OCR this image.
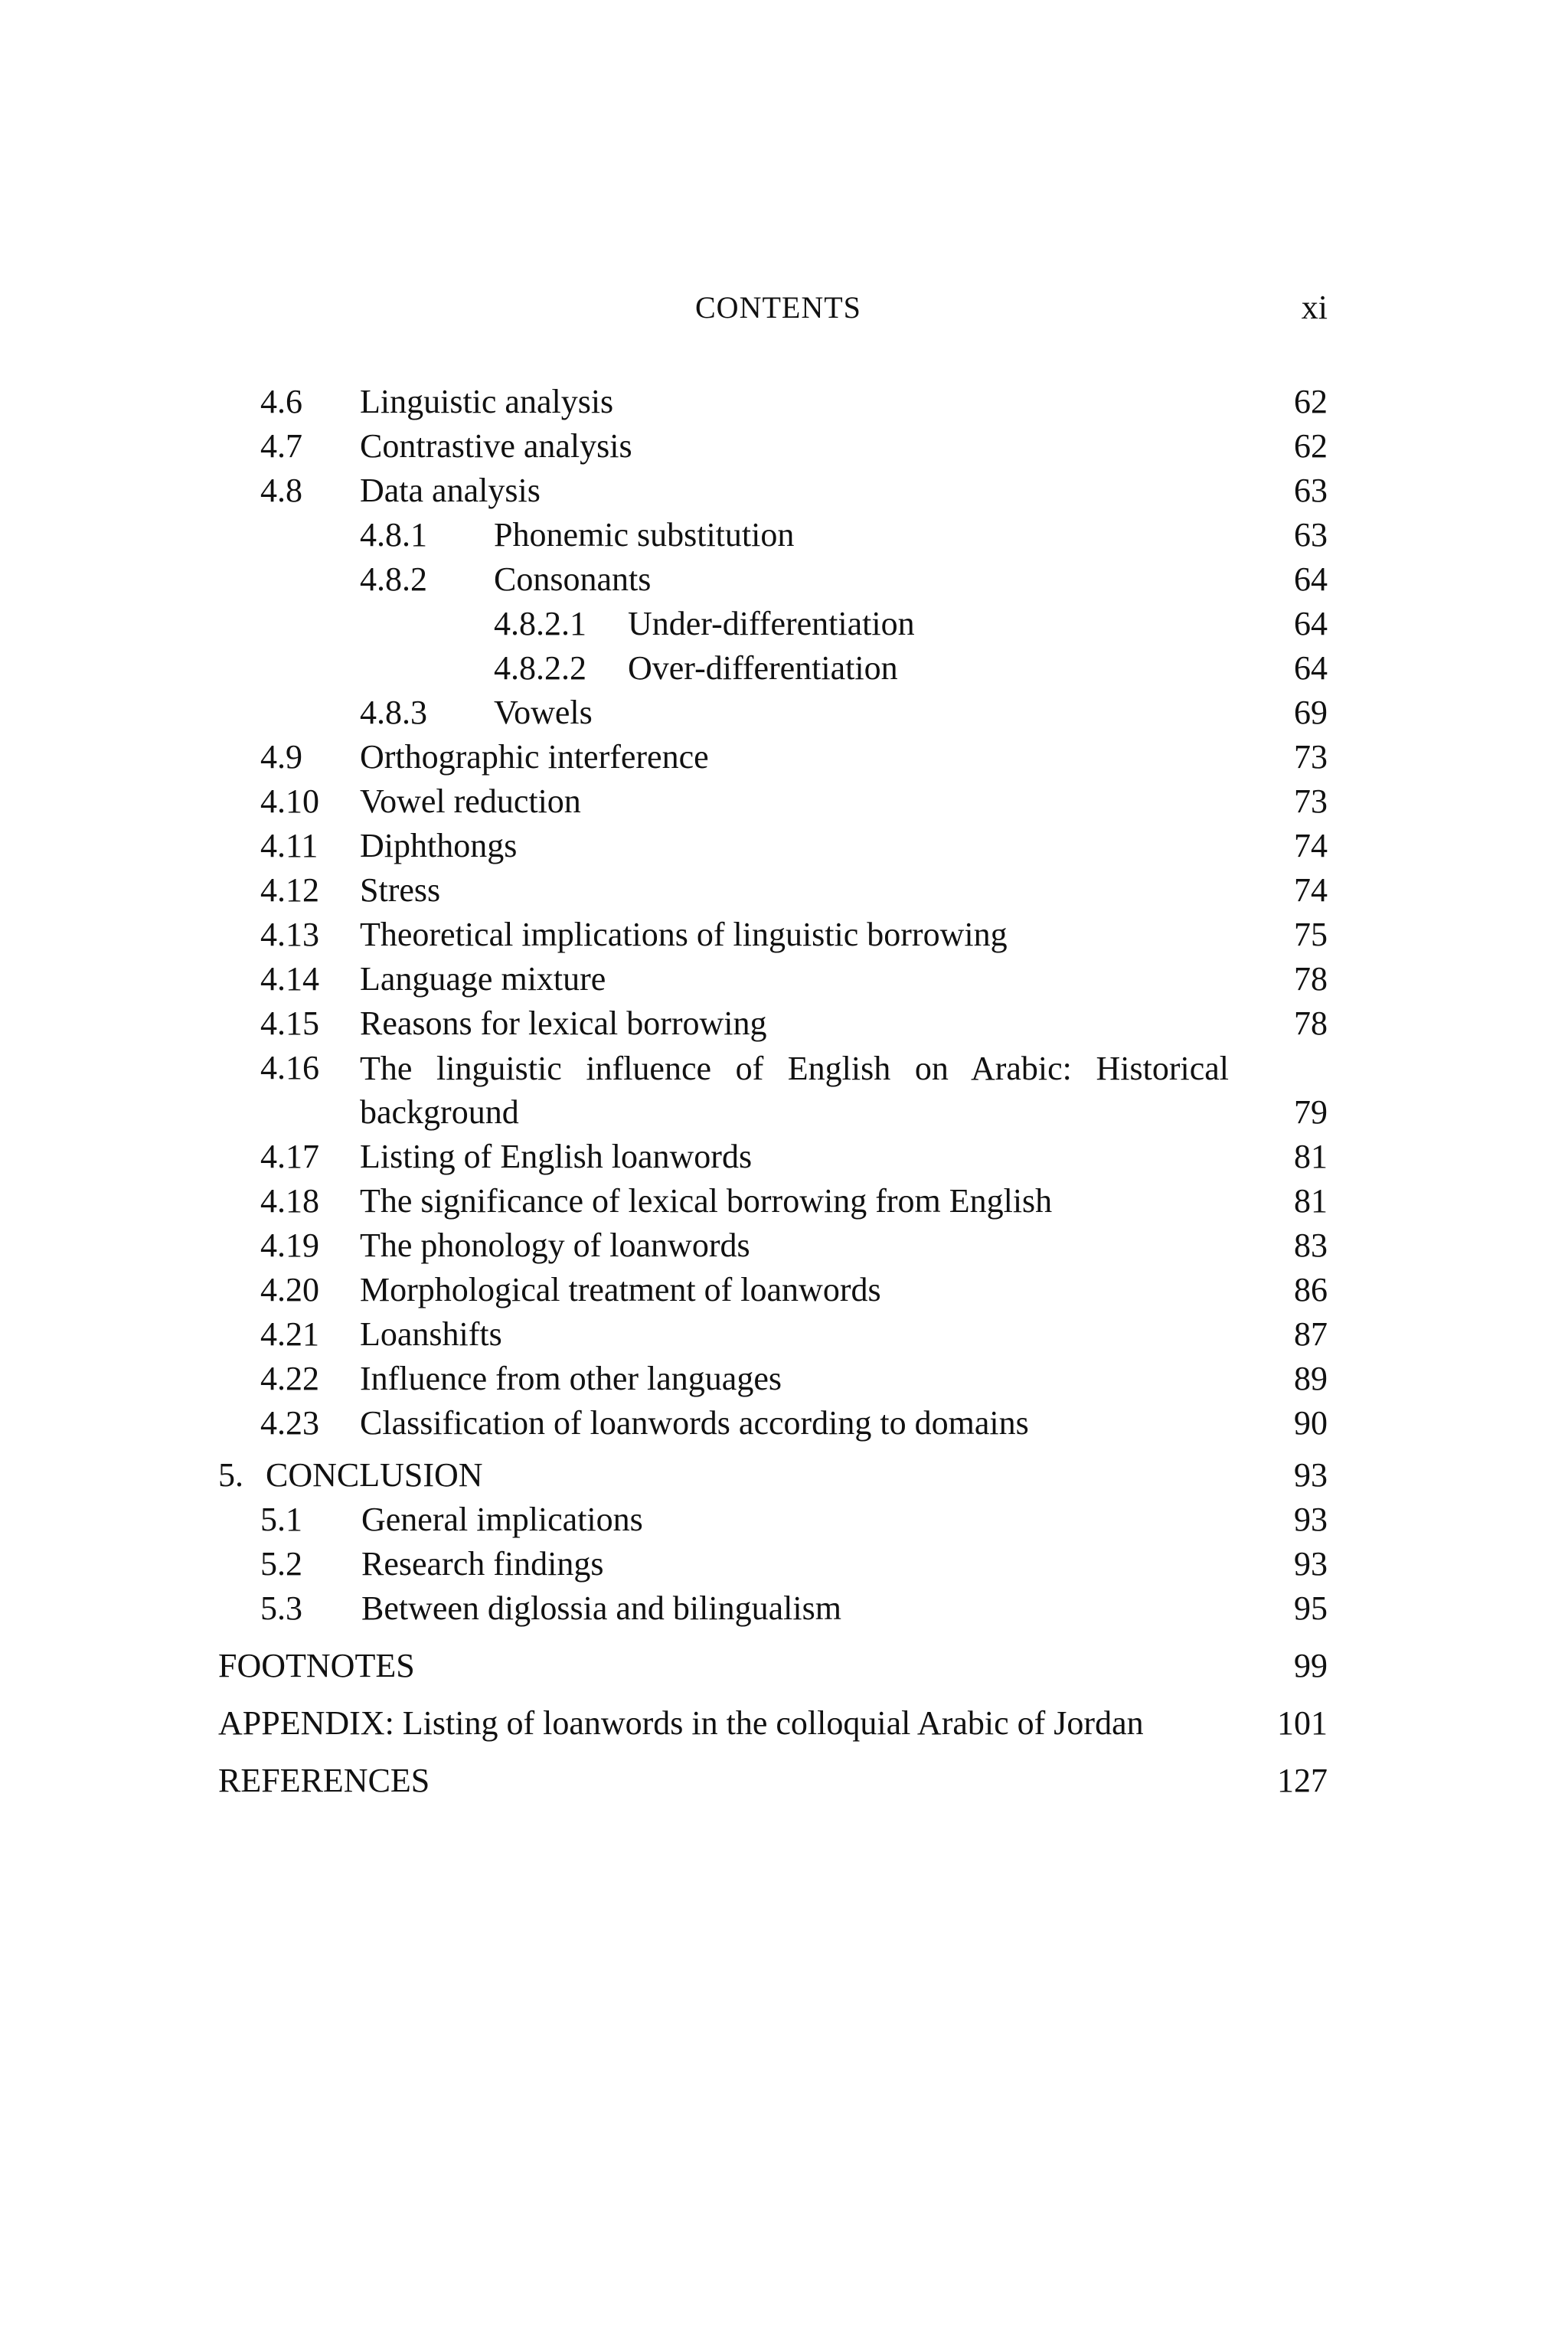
CONTENTS	xi
4.6 Linguistic analysis	62
4.7 Contrastive analysis	62
4.8 Data analysis	63
4.8.1 Phonemic substitution	63
4.8.2 Consonants	64
4.8.2.1 Under-differentiation	64
4.8.2.2 Over-differentiation	64
4.8.3 Vowels	69
4.9 Orthographic interference	73
4.10 Vowel reduction	73
4.11 Diphthongs	74
4.12 Stress	74
4.13 Theoretical implications of linguistic borrowing	75
4.14 Language mixture	78
4.15 Reasons for lexical borrowing	78
4.16 The linguistic influence of English on Arabic: Historical
background	79
4.17 Listing of English loanwords	81
4.18 The significance of lexical borrowing from English	81
4.19 The phonology of loanwords	83
4.20 Morphological treatment of loanwords	86
4.21 Loanshifts	87
4.22 Influence from other languages	89
4.23 Classification of loanwords according to domains	90
5. CONCLUSION	93
5.1 General implications	93
5.2 Research findings	93
5.3 Between diglossia and bilingualism	95
FOOTNOTES	99
APPENDIX: Listing of loanwords in the colloquial Arabic of Jordan	101
REFERENCES	127
